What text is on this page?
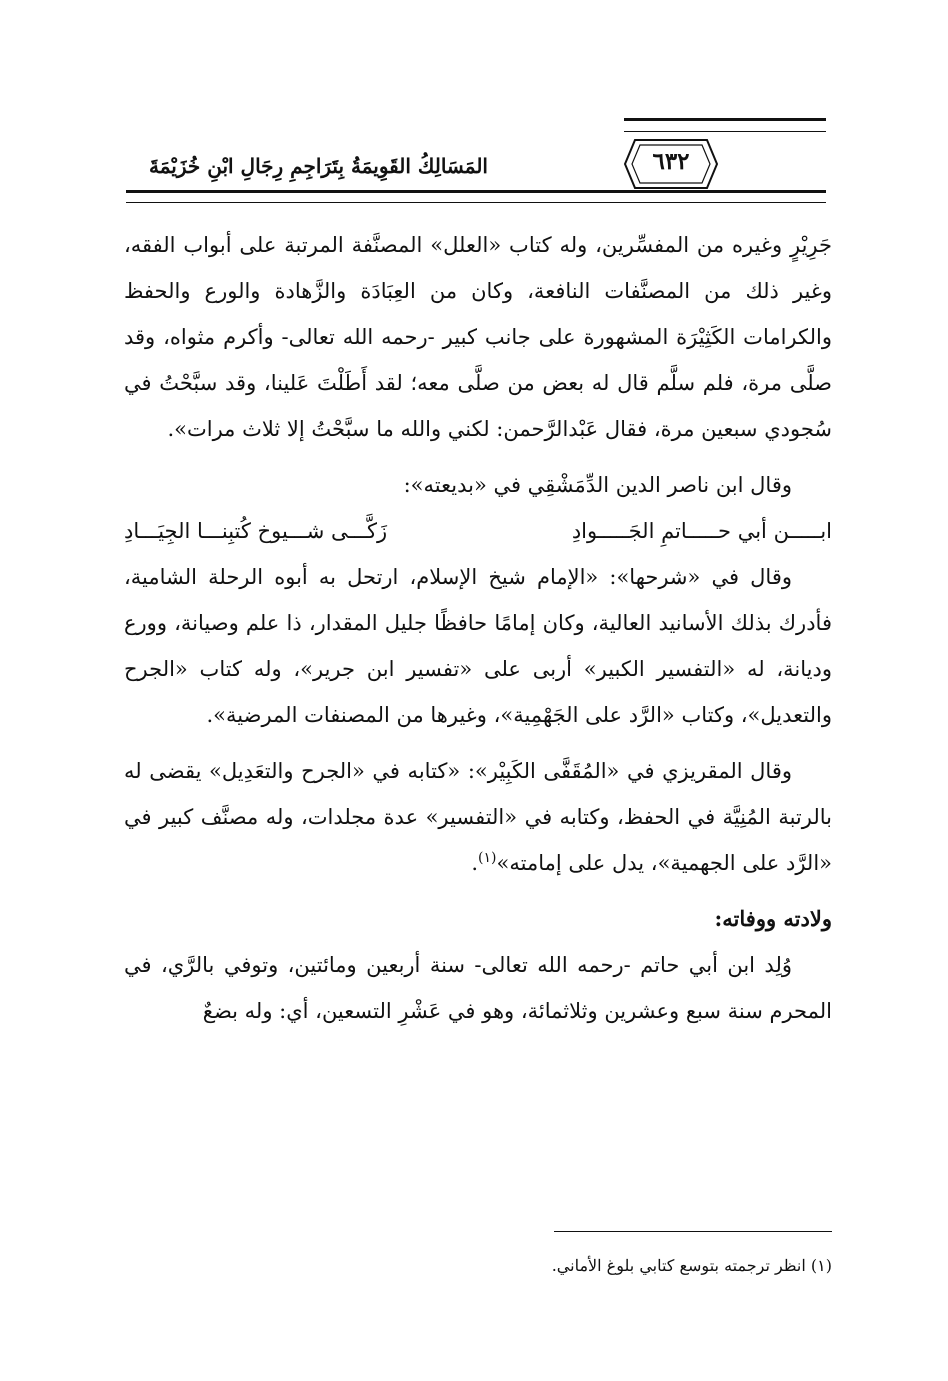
المَسَالِكُ القَوِيمَةُ بِتَرَاجِمِ رِجَالِ ابْنِ خُزَيْمَةَ	٦٣٢

جَرِيْرٍ وغيره من المفسِّرين، وله كتاب «العلل» المصنَّفة المرتبة على أبواب الفقه، وغير ذلك من المصنَّفات النافعة، وكان من العِبَادَة والزَّهادة والورع والحفظ والكرامات الكَثِيْرَة المشهورة على جانب كبير -رحمه الله تعالى- وأكرم مثواه، وقد صلَّى مرة، فلم سلَّم قال له بعض من صلَّى معه؛ لقد أَطَلْتَ عَلينا، وقد سبَّحْتُ في سُجودي سبعين مرة، فقال عَبْدالرَّحمن: لكني والله ما سبَّحْتُ إلا ثلاث مرات».

وقال ابن ناصر الدين الدِّمَشْقِي في «بديعته»:

ابـــــن أبي حـــــاتمِ الجَـــــوادِ
زَكَّـــى شـــيوخ كُتبِنـــا الجِيَـــادِ

وقال في «شرحها»: «الإمام شيخ الإسلام، ارتحل به أبوه الرحلة الشامية، فأدرك بذلك الأسانيد العالية، وكان إمامًا حافظًا جليل المقدار، ذا علم وصيانة، وورع وديانة، له «التفسير الكبير» أربى على «تفسير ابن جرير»، وله كتاب «الجرح والتعديل»، وكتاب «الرَّد على الجَهْمِية»، وغيرها من المصنفات المرضية».

وقال المقريزي في «المُقَفَّى الكَبِيْر»: «كتابه في «الجرح والتعَدِيل» يقضى له بالرتبة المُنِيَّة في الحفظ، وكتابه في «التفسير» عدة مجلدات، وله مصنَّف كبير في «الرَّد على الجهمية»، يدل على إمامته»$^{(١)}$.

ولادته ووفاته:

وُلِد ابن أبي حاتم -رحمه الله تعالى- سنة أربعين ومائتين، وتوفي بالرَّي، في المحرم سنة سبع وعشرين وثلاثمائة، وهو في عَشْرِ التسعين، أي: وله بضعٌ

(١) انظر ترجمته بتوسع كتابي بلوغ الأماني.
